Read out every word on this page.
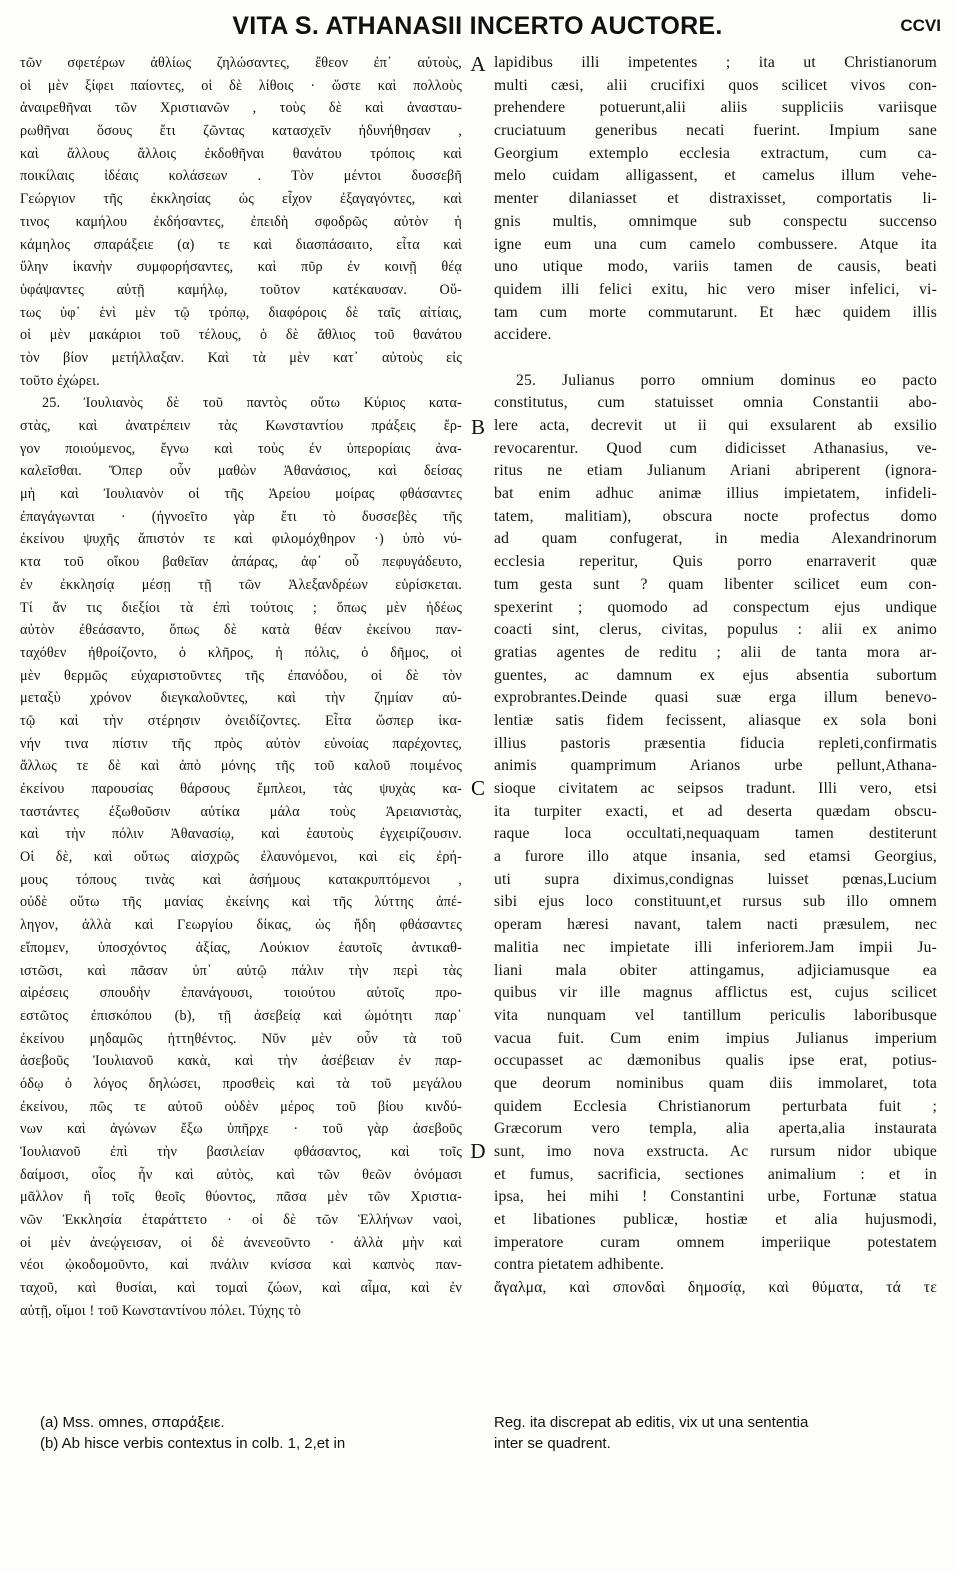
VITA S. ATHANASII INCERTO AUCTORE.	CCVI
τῶν σφετέρων ἀθλίως ζηλώσαντες, ἔθεον ἐπ᾽ αὐτοὺς,
οἱ μὲν ξίφει παίοντες, οἱ δὲ λίθοις · ὥστε καὶ πολλοὺς
ἀναιρεθῆναι τῶν Χριστιανῶν , τοὺς δὲ καὶ ἀνασταυ-
ρωθῆναι ὅσους ἔτι ζῶντας κατασχεῖν ἠδυνήθησαν ,
καὶ ἄλλους ἄλλοις ἐκδοθῆναι θανάτου τρόποις καὶ
ποικίλαις ἰδέαις κολάσεων . Τὸν μέντοι δυσσεβῆ
Γεώργιον τῆς ἐκκλησίας ὡς εἶχον ἐξαγαγόντες, καὶ
τινος καμήλου ἐκδήσαντες, ἐπειδὴ σφοδρῶς αὐτὸν ἡ
κάμηλος σπαράξειε (α) τε καὶ διασπάσαιτο, εἶτα καὶ
ὕλην ἱκανὴν συμφορήσαντες, καὶ πῦρ ἐν κοινῇ θέᾳ
ὑφάψαντες αὐτῇ καμήλῳ, τοῦτον κατέκαυσαν. Οὕ-
τως ὑφ᾽ ἑνὶ μὲν τῷ τρόπῳ, διαφόροις δὲ ταῖς αἰτίαις,
οἱ μὲν μακάριοι τοῦ τέλους, ὁ δὲ ἄθλιος τοῦ θανάτου
τὸν βίον μετήλλαξαν. Καὶ τὰ μὲν κατ᾽ αὐτοὺς εἰς
τοῦτο ἐχώρει.
25. Ἰουλιανὸς δὲ τοῦ παντὸς οὕτω Κύριος κατα-
στὰς, καὶ ἀνατρέπειν τὰς Κωνσταντίου πράξεις ἔρ-
γον ποιούμενος, ἔγνω καὶ τοὺς ἐν ὑπερορίαις ἀνα-
καλεῖσθαι. Ὅπερ οὖν μαθὼν Ἀθανάσιος, καὶ δείσας
μὴ καὶ Ἰουλιανὸν οἱ τῆς Ἀρείου μοίρας φθάσαντες
ἐπαγάγωνται · (ἠγνοεῖτο γὰρ ἔτι τὸ δυσσεβὲς τῆς
ἐκείνου ψυχῆς ἄπιστόν τε καὶ φιλομόχθηρον ·) ὑπὸ νύ-
κτα τοῦ οἴκου βαθεῖαν ἀπάρας, ἀφ᾽ οὗ πεφυγάδευτο,
ἐν ἐκκλησίᾳ μέσῃ τῇ τῶν Ἀλεξανδρέων εὑρίσκεται.
Τί ἄν τις διεξίοι τὰ ἐπὶ τούτοις ; ὅπως μὲν ἡδέως
αὐτὸν ἐθεάσαντο, ὅπως δὲ κατὰ θέαν ἐκείνου παν-
ταχόθεν ἠθροίζοντο, ὁ κλῆρος, ἡ πόλις, ὁ δῆμος, οἱ
μὲν θερμῶς εὐχαριστοῦντες τῆς ἐπανόδου, οἱ δὲ τὸν
μεταξὺ χρόνον διεγκαλοῦντες, καὶ τὴν ζημίαν αὐ-
τῷ καὶ τὴν στέρησιν ὀνειδίζοντες. Εἶτα ὥσπερ ἱκα-
νήν τινα πίστιν τῆς πρὸς αὐτὸν εὐνοίας παρέχοντες,
ἄλλως τε δὲ καὶ ἀπὸ μόνης τῆς τοῦ καλοῦ ποιμένος
ἐκείνου παρουσίας θάρσους ἔμπλεοι, τὰς ψυχὰς κα-
ταστάντες ἐξωθοῦσιν αὐτίκα μάλα τοὺς Ἀρειανιστὰς,
καὶ τὴν πόλιν Ἀθανασίῳ, καὶ ἑαυτοὺς ἐγχειρίζουσιν.
Οἱ δὲ, καὶ οὕτως αἰσχρῶς ἐλαυνόμενοι, καὶ εἰς ἐρή-
μους τόπους τινὰς καὶ ἀσήμους κατακρυπτόμενοι ,
οὐδὲ οὕτω τῆς μανίας ἐκείνης καὶ τῆς λύττης ἀπέ-
ληγον, ἀλλὰ καὶ Γεωργίου δίκας, ὡς ἤδη φθάσαντες
εἴπομεν, ὑποσχόντος ἀξίας, Λούκιον ἑαυτοῖς ἀντικαθ-
ιστῶσι, καὶ πᾶσαν ὑπ᾽ αὐτῷ πάλιν τὴν περὶ τὰς
αἱρέσεις σπουδὴν ἐπανάγουσι, τοιούτου αὐτοῖς προ-
εστῶτος ἐπισκόπου (b), τῇ ἀσεβείᾳ καὶ ὠμότητι παρ᾽
ἐκείνου μηδαμῶς ἡττηθέντος. Νῦν μὲν οὖν τὰ τοῦ
ἀσεβοῦς Ἰουλιανοῦ κακὰ, καὶ τὴν ἀσέβειαν ἐν παρ-
όδῳ ὁ λόγος δηλώσει, προσθεὶς καὶ τὰ τοῦ μεγάλου
ἐκείνου, πῶς τε αὐτοῦ οὐδὲν μέρος τοῦ βίου κινδύ-
νων καὶ ἀγώνων ἔξω ὑπῆρχε · τοῦ γὰρ ἀσεβοῦς
Ἰουλιανοῦ ἐπὶ τὴν βασιλείαν φθάσαντος, καὶ τοῖς
δαίμοσι, οἷος ἦν καὶ αὐτὸς, καὶ τῶν θεῶν ὀνόμασι
μᾶλλον ἢ τοῖς θεοῖς θύοντος, πᾶσα μὲν τῶν Χριστια-
νῶν Ἐκκλησία ἐταράττετο · οἱ δὲ τῶν Ἑλλήνων ναοὶ,
οἱ μὲν ἀνεῴγεισαν, οἱ δὲ ἀνενεοῦντο · ἀλλὰ μὴν καὶ
νέοι ᾠκοδομοῦντο, καὶ πνάλιν κνίσσα καὶ καπνὸς παν-
ταχοῦ, καὶ θυσίαι, καὶ τομαὶ ζώων, καὶ αἷμα, καὶ ἐν
αὐτῇ, οἴμοι ! τοῦ Κωνσταντίνου πόλει. Τύχης τὸ
A
B
C
D
lapidibus illi impetentes ; ita ut Christianorum
multi cæsi, alii crucifixi quos scilicet vivos con-
prehendere potuerunt,alii aliis suppliciis variisque
cruciatuum generibus necati fuerint. Impium sane
Georgium extemplo ecclesia extractum, cum ca-
melo cuidam alligassent, et camelus illum vehe-
menter dilaniasset et distraxisset, comportatis li-
gnis multis, omnimque sub conspectu succenso
igne eum una cum camelo combussere. Atque ita
uno utique modo, variis tamen de causis, beati
quidem illi felici exitu, hic vero miser infelici, vi-
tam cum morte commutarunt. Et hæc quidem illis
accidere.
25. Julianus porro omnium dominus eo pacto
constitutus, cum statuisset omnia Constantii abo-
lere acta, decrevit ut ii qui exsularent ab exsilio
revocarentur. Quod cum didicisset Athanasius, ve-
ritus ne etiam Julianum Ariani abriperent (ignora-
bat enim adhuc animæ illius impietatem, infideli-
tatem, malitiam), obscura nocte profectus domo
ad quam confugerat, in media Alexandrinorum
ecclesia reperitur, Quis porro enarraverit quæ
tum gesta sunt ? quam libenter scilicet eum con-
spexerint ; quomodo ad conspectum ejus undique
coacti sint, clerus, civitas, populus : alii ex animo
gratias agentes de reditu ; alii de tanta mora ar-
guentes, ac damnum ex ejus absentia subortum
exprobrantes.Deinde quasi suæ erga illum benevo-
lentiæ satis fidem fecissent, aliasque ex sola boni
illius pastoris præsentia fiducia repleti,confirmatis
animis quamprimum Arianos urbe pellunt,Athana-
sioque civitatem ac seipsos tradunt. Illi vero, etsi
ita turpiter exacti, et ad deserta quædam obscu-
raque loca occultati,nequaquam tamen destiterunt
a furore illo atque insania, sed etamsi Georgius,
uti supra diximus,condignas luisset pœnas,Lucium
sibi ejus loco constituunt,et rursus sub illo omnem
operam hæresi navant, talem nacti præsulem, nec
malitia nec impietate illi inferiorem.Jam impii Ju-
liani mala obiter attingamus, adjiciamusque ea
quibus vir ille magnus afflictus est, cujus scilicet
vita nunquam vel tantillum periculis laboribusque
vacua fuit. Cum enim impius Julianus imperium
occupasset ac dæmonibus qualis ipse erat, potius-
que deorum nominibus quam diis immolaret, tota
quidem Ecclesia Christianorum perturbata fuit ;
Græcorum vero templa, alia aperta,alia instaurata
sunt, imo nova exstructa. Ac rursum nidor ubique
et fumus, sacrificia, sectiones animalium : et in
ipsa, hei mihi ! Constantini urbe, Fortunæ statua
et libationes publicæ, hostiæ et alia hujusmodi,
imperatore curam omnem imperiique potestatem
contra pietatem adhibente.
ἄγαλμα, καὶ σπονδαὶ δημοσίᾳ, καὶ θύματα, τά τε
(a) Mss. omnes, σπαράξειε.
(b) Ab hisce verbis contextus in colb. 1, 2,et in
Reg. ita discrepat ab editis, vix ut una sententia
inter se quadrent.
